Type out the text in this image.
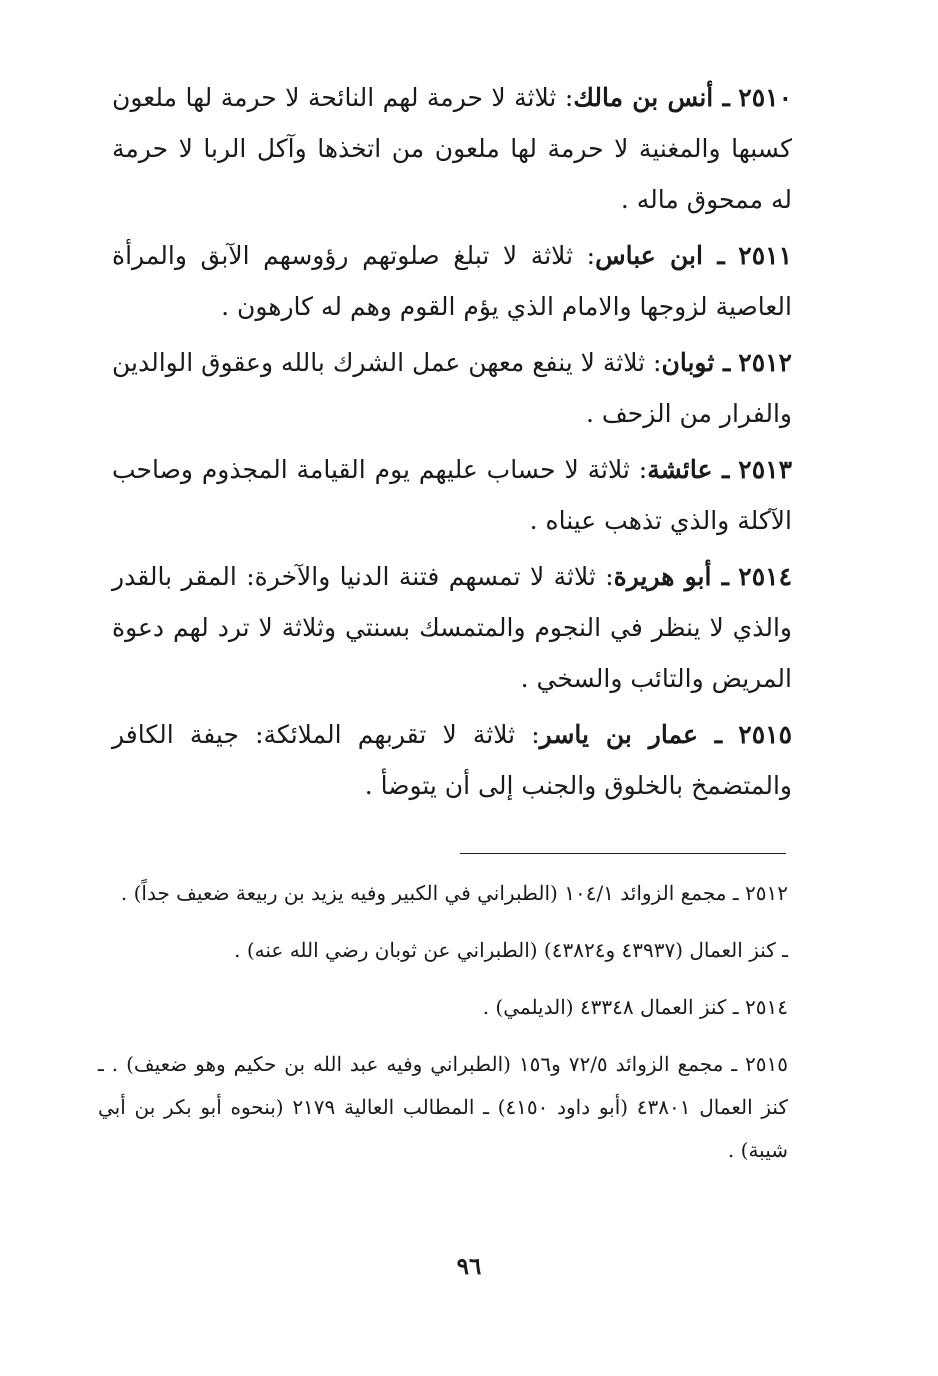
٢٥١٠ ـ أنس بن مالك: ثلاثة لا حرمة لهم النائحة لا حرمة لها ملعون كسبها والمغنية لا حرمة لها ملعون من اتخذها وآكل الربا لا حرمة له ممحوق ماله .

٢٥١١ ـ ابن عباس: ثلاثة لا تبلغ صلوتهم رؤوسهم الآبق والمرأة العاصية لزوجها والامام الذي يؤم القوم وهم له كارهون .

٢٥١٢ ـ ثوبان: ثلاثة لا ينفع معهن عمل الشرك بالله وعقوق الوالدين والفرار من الزحف .

٢٥١٣ ـ عائشة: ثلاثة لا حساب عليهم يوم القيامة المجذوم وصاحب الآكلة والذي تذهب عيناه .

٢٥١٤ ـ أبو هريرة: ثلاثة لا تمسهم فتنة الدنيا والآخرة: المقر بالقدر والذي لا ينظر في النجوم والمتمسك بسنتي وثلاثة لا ترد لهم دعوة المريض والتائب والسخي .

٢٥١٥ ـ عمار بن ياسر: ثلاثة لا تقربهم الملائكة: جيفة الكافر والمتضمخ بالخلوق والجنب إلى أن يتوضأ .

٢٥١٢ ـ مجمع الزوائد ١٠٤/١ (الطبراني في الكبير وفيه يزيد بن ربيعة ضعيف جداً) .

ـ كنز العمال (٤٣٩٣٧ و٤٣٨٢٤) (الطبراني عن ثوبان رضي الله عنه) .

٢٥١٤ ـ كنز العمال ٤٣٣٤٨ (الديلمي) .

٢٥١٥ ـ مجمع الزوائد ٧٢/٥ و١٥٦ (الطبراني وفيه عبد الله بن حكيم وهو ضعيف) . ـ كنز العمال ٤٣٨٠١ (أبو داود ٤١٥٠) ـ المطالب العالية ٢١٧٩ (بنحوه أبو بكر بن أبي شيبة) .

٩٦
